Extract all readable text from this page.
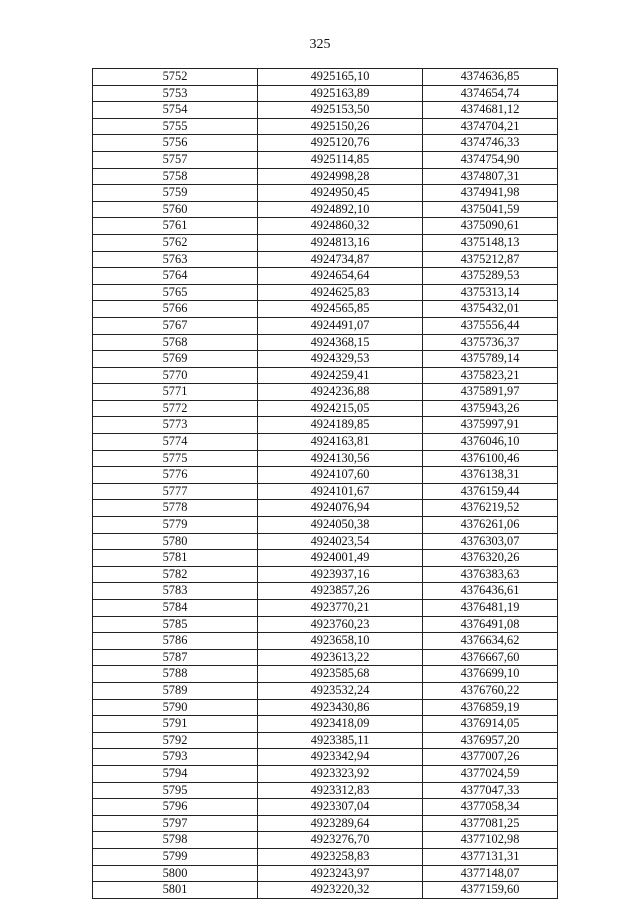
325
5752	4925165,10	4374636,85
5753	4925163,89	4374654,74
5754	4925153,50	4374681,12
5755	4925150,26	4374704,21
5756	4925120,76	4374746,33
5757	4925114,85	4374754,90
5758	4924998,28	4374807,31
5759	4924950,45	4374941,98
5760	4924892,10	4375041,59
5761	4924860,32	4375090,61
5762	4924813,16	4375148,13
5763	4924734,87	4375212,87
5764	4924654,64	4375289,53
5765	4924625,83	4375313,14
5766	4924565,85	4375432,01
5767	4924491,07	4375556,44
5768	4924368,15	4375736,37
5769	4924329,53	4375789,14
5770	4924259,41	4375823,21
5771	4924236,88	4375891,97
5772	4924215,05	4375943,26
5773	4924189,85	4375997,91
5774	4924163,81	4376046,10
5775	4924130,56	4376100,46
5776	4924107,60	4376138,31
5777	4924101,67	4376159,44
5778	4924076,94	4376219,52
5779	4924050,38	4376261,06
5780	4924023,54	4376303,07
5781	4924001,49	4376320,26
5782	4923937,16	4376383,63
5783	4923857,26	4376436,61
5784	4923770,21	4376481,19
5785	4923760,23	4376491,08
5786	4923658,10	4376634,62
5787	4923613,22	4376667,60
5788	4923585,68	4376699,10
5789	4923532,24	4376760,22
5790	4923430,86	4376859,19
5791	4923418,09	4376914,05
5792	4923385,11	4376957,20
5793	4923342,94	4377007,26
5794	4923323,92	4377024,59
5795	4923312,83	4377047,33
5796	4923307,04	4377058,34
5797	4923289,64	4377081,25
5798	4923276,70	4377102,98
5799	4923258,83	4377131,31
5800	4923243,97	4377148,07
5801	4923220,32	4377159,60
